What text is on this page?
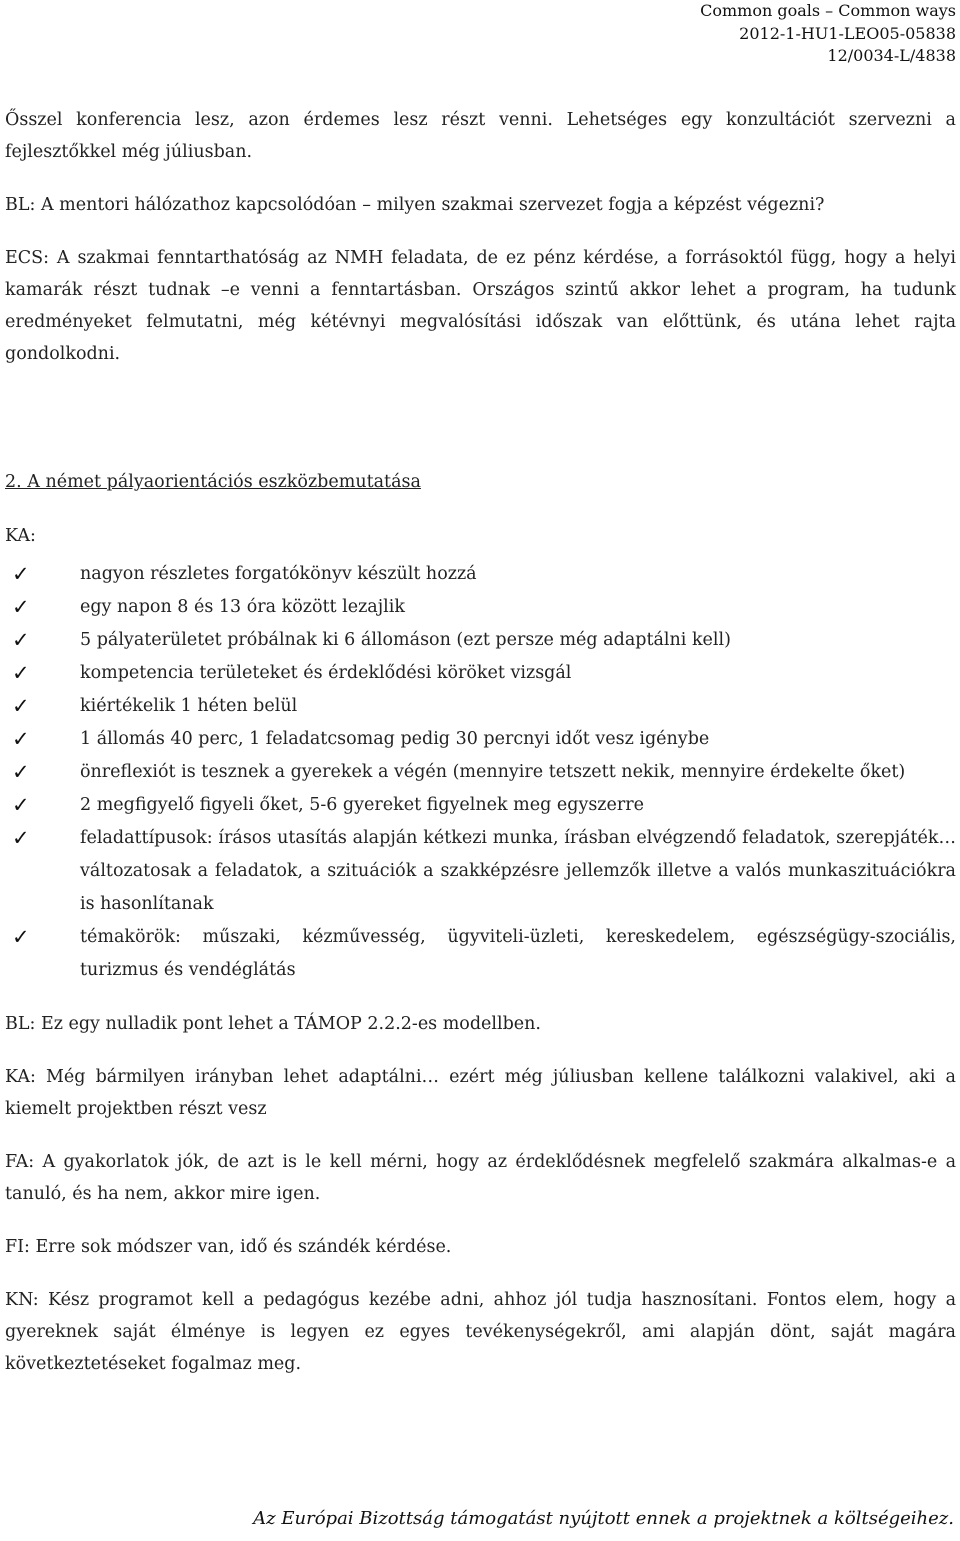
Common goals – Common ways
2012-1-HU1-LEO05-05838
12/0034-L/4838

Ősszel konferencia lesz, azon érdemes lesz részt venni. Lehetséges egy konzultációt szervezni a fejlesztőkkel még júliusban.

BL: A mentori hálózathoz kapcsolódóan – milyen szakmai szervezet fogja a képzést végezni?

ECS: A szakmai fenntarthatóság az NMH feladata, de ez pénz kérdése, a forrásoktól függ, hogy a helyi kamarák részt tudnak –e venni a fenntartásban. Országos szintű akkor lehet a program, ha tudunk eredményeket felmutatni, még kétévnyi megvalósítási időszak van előttünk, és utána lehet rajta gondolkodni.

2. A német pályaorientációs eszközbemutatása
KA:
✓	nagyon részletes forgatókönyv készült hozzá
✓	egy napon 8 és 13 óra között lezajlik
✓	5 pályaterületet próbálnak ki 6 állomáson (ezt persze még adaptálni kell)
✓	kompetencia területeket és érdeklődési köröket vizsgál
✓	kiértékelik 1 héten belül
✓	1 állomás 40 perc, 1 feladatcsomag pedig 30 percnyi időt vesz igénybe
✓	önreflexiót is tesznek a gyerekek a végén (mennyire tetszett nekik, mennyire érdekelte őket)
✓	2 megfigyelő figyeli őket, 5-6 gyereket figyelnek meg egyszerre
✓	feladattípusok: írásos utasítás alapján kétkezi munka, írásban elvégzendő feladatok, szerepjáték… változatosak a feladatok, a szituációk a szakképzésre jellemzők illetve a valós munkaszituációkra is hasonlítanak
✓	témakörök: műszaki, kézművesség, ügyviteli-üzleti, kereskedelem, egészségügy-szociális, turizmus és vendéglátás

BL: Ez egy nulladik pont lehet a TÁMOP 2.2.2-es modellben.

KA: Még bármilyen irányban lehet adaptálni… ezért még júliusban kellene találkozni valakivel, aki a kiemelt projektben részt vesz

FA: A gyakorlatok jók, de azt is le kell mérni, hogy az érdeklődésnek megfelelő szakmára alkalmas-e a tanuló, és ha nem, akkor mire igen.

FI: Erre sok módszer van, idő és szándék kérdése.

KN: Kész programot kell a pedagógus kezébe adni, ahhoz jól tudja hasznosítani. Fontos elem, hogy a gyereknek saját élménye is legyen ez egyes tevékenységekről, ami alapján dönt, saját magára következtetéseket fogalmaz meg.

Az Európai Bizottság támogatást nyújtott ennek a projektnek a költségeihez.
